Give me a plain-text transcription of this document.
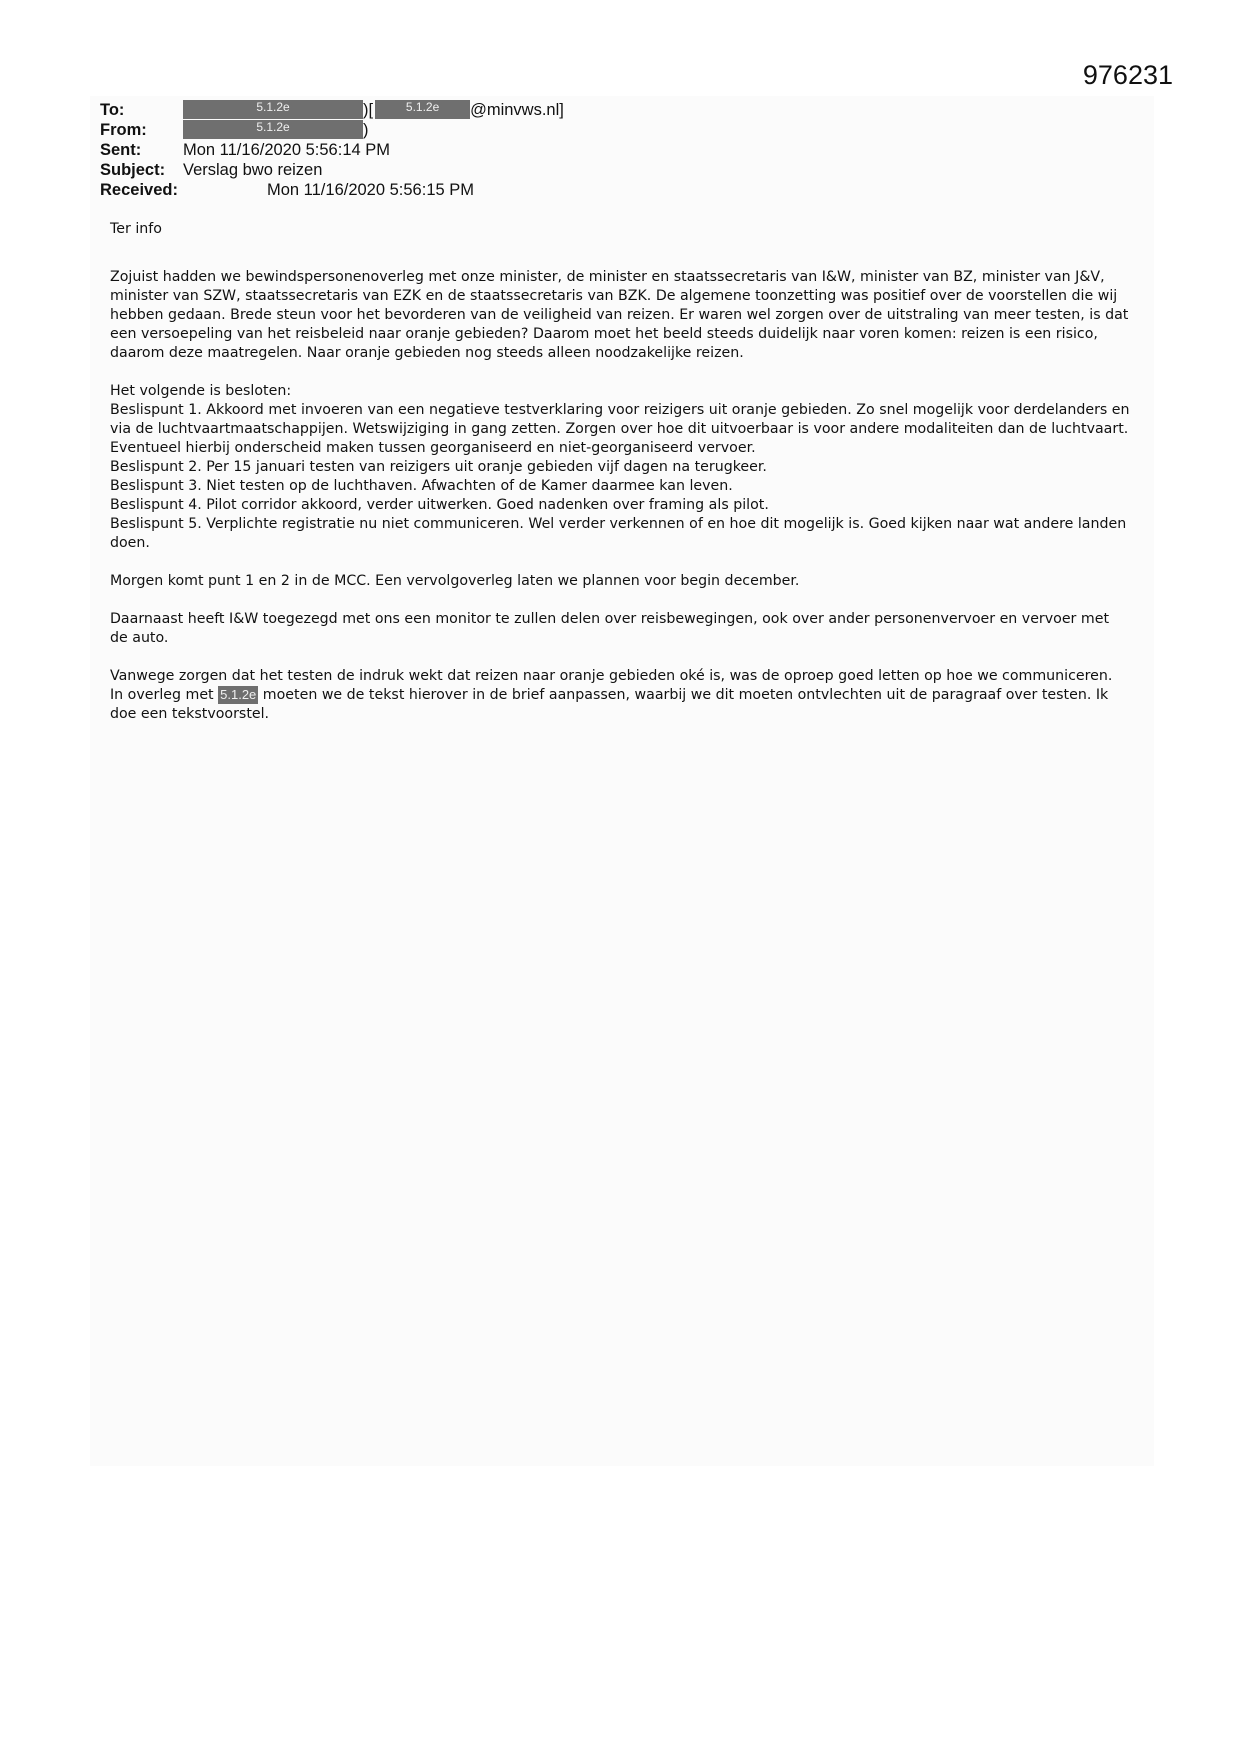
976231
To:	5.1.2e	)[	5.1.2e @minvws.nl]
From:	5.1.2e	)
Sent:	Mon 11/16/2020 5:56:14 PM
Subject: Verslag bwo reizen
Received:	Mon 11/16/2020 5:56:15 PM

Ter info

Zojuist hadden we bewindspersonenoverleg met onze minister, de minister en staatssecretaris van I&W, minister van BZ, minister van J&V, minister van SZW, staatssecretaris van EZK en de staatssecretaris van BZK. De algemene toonzetting was positief over de voorstellen die wij hebben gedaan. Brede steun voor het bevorderen van de veiligheid van reizen. Er waren wel zorgen over de uitstraling van meer testen, is dat een versoepeling van het reisbeleid naar oranje gebieden? Daarom moet het beeld steeds duidelijk naar voren komen: reizen is een risico, daarom deze maatregelen. Naar oranje gebieden nog steeds alleen noodzakelijke reizen.

Het volgende is besloten:

Beslispunt 1. Akkoord met invoeren van een negatieve testverklaring voor reizigers uit oranje gebieden. Zo snel mogelijk voor derdelanders en via de luchtvaartmaatschappijen. Wetswijziging in gang zetten. Zorgen over hoe dit uitvoerbaar is voor andere modaliteiten dan de luchtvaart. Eventueel hierbij onderscheid maken tussen georganiseerd en niet-georganiseerd vervoer.

Beslispunt 2. Per 15 januari testen van reizigers uit oranje gebieden vijf dagen na terugkeer.

Beslispunt 3. Niet testen op de luchthaven. Afwachten of de Kamer daarmee kan leven.

Beslispunt 4. Pilot corridor akkoord, verder uitwerken. Goed nadenken over framing als pilot.

Beslispunt 5. Verplichte registratie nu niet communiceren. Wel verder verkennen of en hoe dit mogelijk is. Goed kijken naar wat andere landen doen.

Morgen komt punt 1 en 2 in de MCC. Een vervolgoverleg laten we plannen voor begin december.

Daarnaast heeft I&W toegezegd met ons een monitor te zullen delen over reisbewegingen, ook over ander personenvervoer en vervoer met de auto.

Vanwege zorgen dat het testen de indruk wekt dat reizen naar oranje gebieden oké is, was de oproep goed letten op hoe we communiceren. In overleg met 5.1.2e moeten we de tekst hierover in de brief aanpassen, waarbij we dit moeten ontvlechten uit de paragraaf over testen. Ik doe een tekstvoorstel.
